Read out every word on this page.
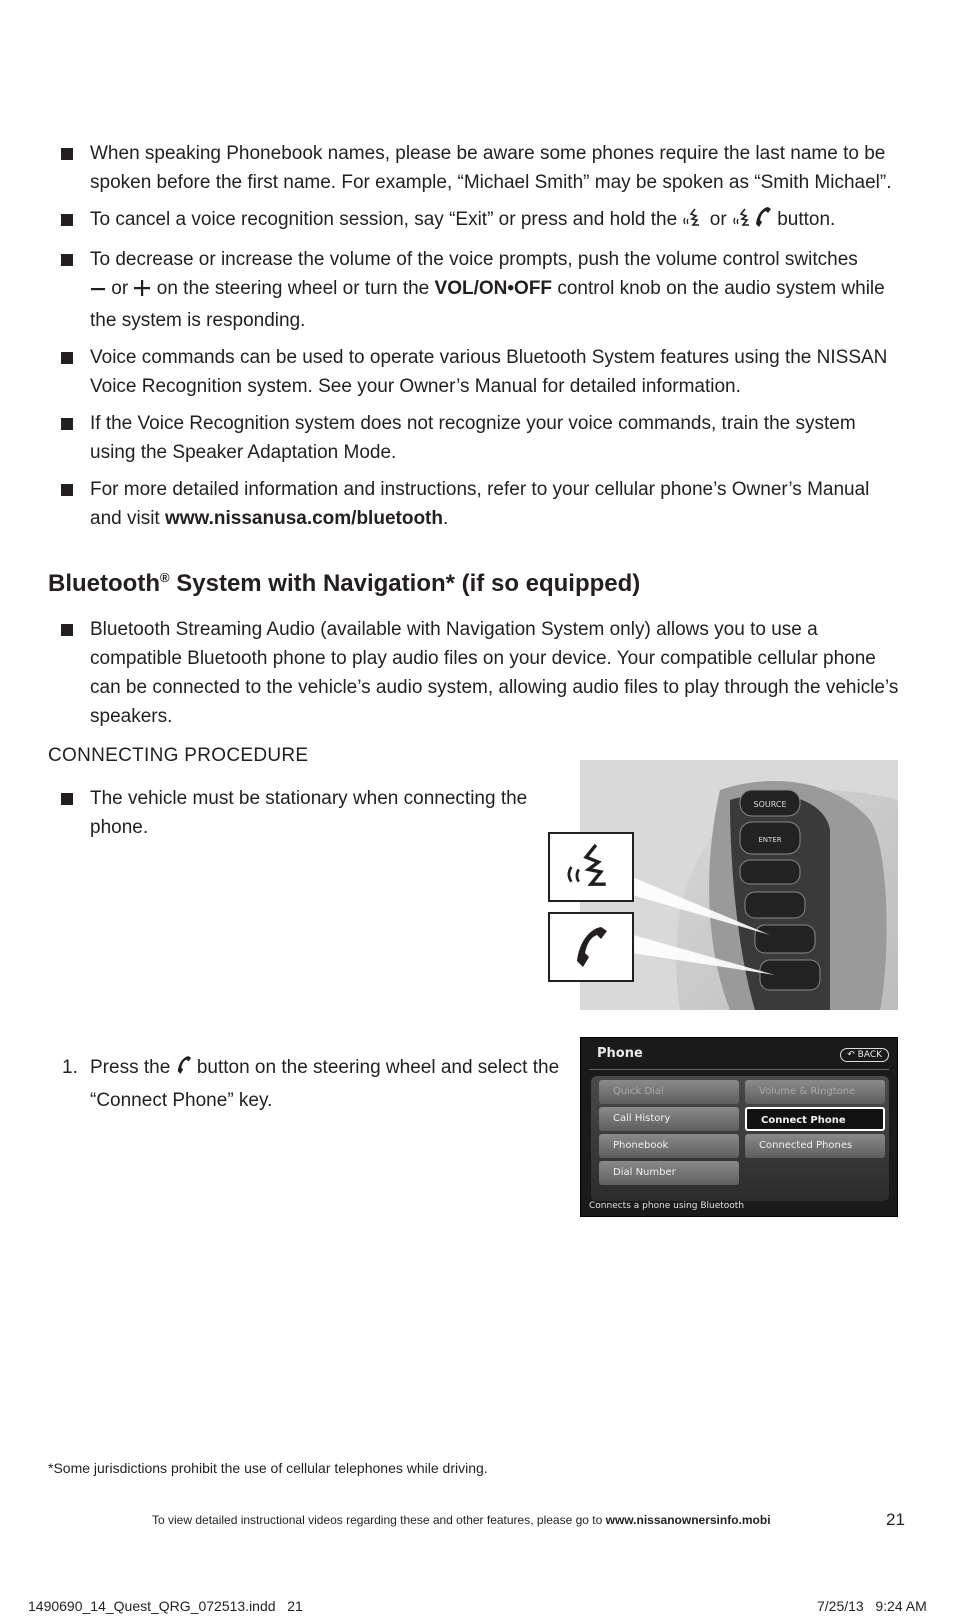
When speaking Phonebook names, please be aware some phones require the last name to be spoken before the first name. For example, “Michael Smith” may be spoken as “Smith Michael”.
To cancel a voice recognition session, say “Exit” or press and hold the or	button.
To decrease or increase the volume of the voice prompts, push the volume control switches
or on the steering wheel or turn the VOL/ON•OFF control knob on the audio system while the system is responding.
Voice commands can be used to operate various Bluetooth System features using the NISSAN Voice Recognition system. See your Owner’s Manual for detailed information.
If the Voice Recognition system does not recognize your voice commands, train the system using the Speaker Adaptation Mode.
For more detailed information and instructions, refer to your cellular phone’s Owner’s Manual and visit www.nissanusa.com/bluetooth.
Bluetooth® System with Navigation* (if so equipped)
Bluetooth Streaming Audio (available with Navigation System only) allows you to use a compatible Bluetooth phone to play audio files on your device. Your compatible cellular phone can be connected to the vehicle’s audio system, allowing audio files to play through the vehicle’s speakers.
CONNECTING PROCEDURE
The vehicle must be stationary when connecting the phone.
SOURCE
ENTER
1. Press the button on the steering wheel and select the “Connect Phone” key.
Phone	↶ BACK
Quick Dial
Call History
Phonebook
Dial Number
Volume & Ringtone
Connect Phone
Connected Phones
Connects a phone using Bluetooth
*Some jurisdictions prohibit the use of cellular telephones while driving.
To view detailed instructional videos regarding these and other features, please go to www.nissanownersinfo.mobi	21
1490690_14_Quest_QRG_072513.indd   21	7/25/13   9:24 AM
